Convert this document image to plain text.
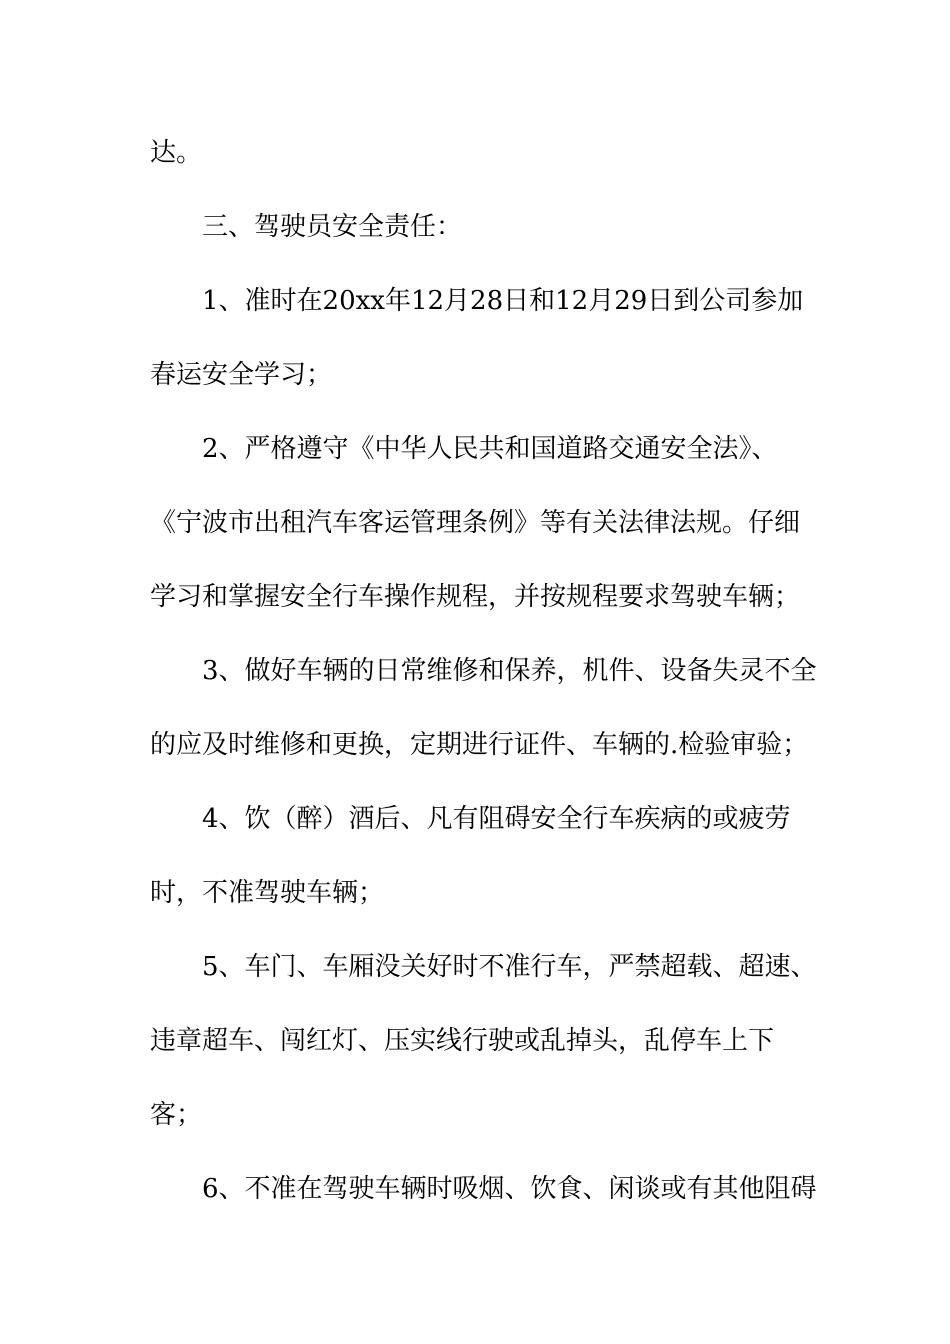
达。
三、驾驶员安全责任：
1、准时在20xx年12月28日和12月29日到公司参加
春运安全学习；
2、严格遵守《中华人民共和国道路交通安全法》、
《宁波市出租汽车客运管理条例》等有关法律法规。仔细
学习和掌握安全行车操作规程，并按规程要求驾驶车辆；
3、做好车辆的日常维修和保养，机件、设备失灵不全
的应及时维修和更换，定期进行证件、车辆的.检验审验；
4、饮（醉）酒后、凡有阻碍安全行车疾病的或疲劳
时，不准驾驶车辆；
5、车门、车厢没关好时不准行车，严禁超载、超速、
违章超车、闯红灯、压实线行驶或乱掉头，乱停车上下
客；
6、不准在驾驶车辆时吸烟、饮食、闲谈或有其他阻碍
